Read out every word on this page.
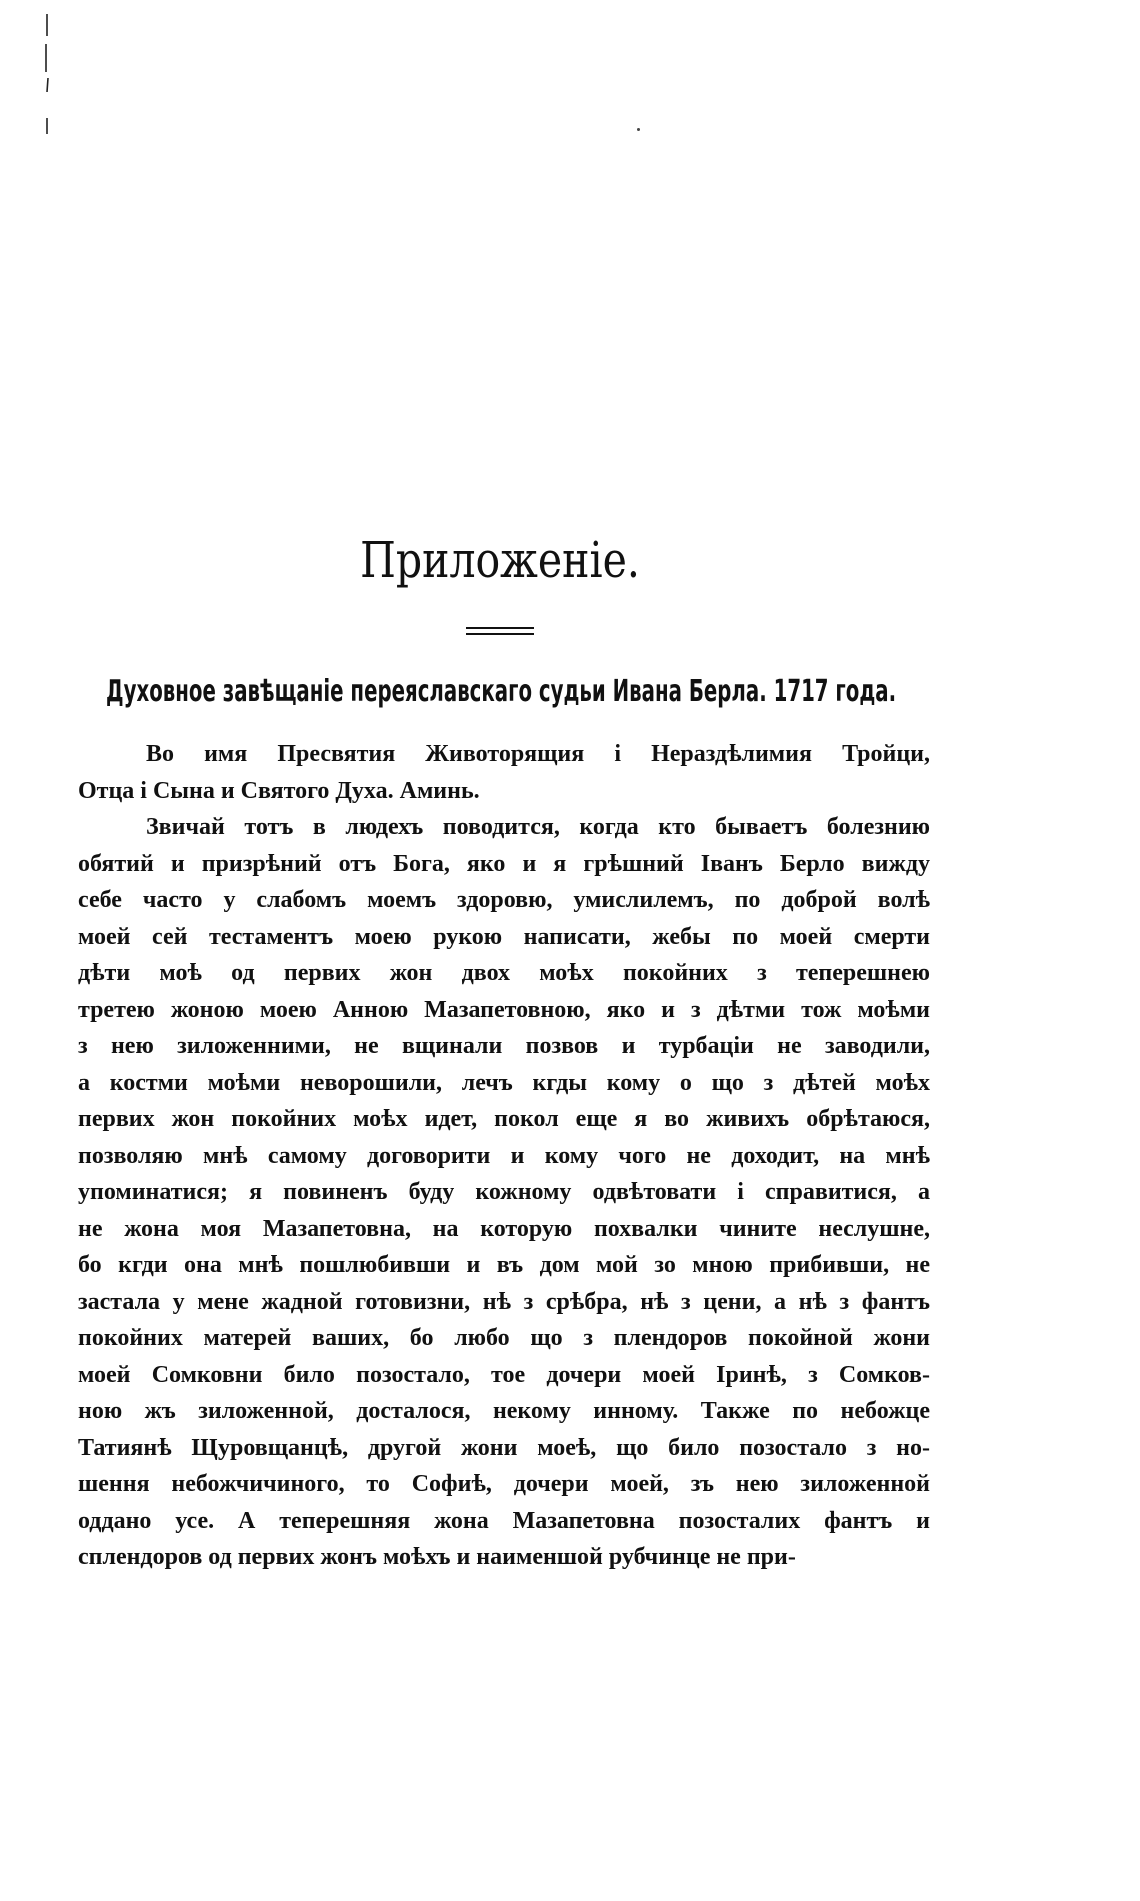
Приложеніе.
Духовное завѣщаніе переяславскаго судьи Ивана Берла. 1717 года.
Во имя Пресвятия Животорящия і Нераздѣлимия Тройци,
Отца і Сына и Святого Духа. Аминь.
Звичай тотъ в людехъ поводится, когда кто бываетъ болезнию
обятий и призрѣний отъ Бога, яко и я грѣшний Іванъ Берло вижду
себе часто у слабомъ моемъ здоровю, умислилемъ, по доброй волѣ
моей сей тестаментъ моею рукою написати, жебы по моей смерти
дѣти моѣ од первих жон двох моѣх покойних з теперешнею
третею жоною моею Анною Мазапетовною, яко и з дѣтми тож моѣми
з нею зиложенними, не вщинали позвов и турбаціи не заводили,
а костми моѣми неворошили, лечъ кгды кому о що з дѣтей моѣх
первих жон покойних моѣх идет, покол еще я во живихъ обрѣтаюся,
позволяю мнѣ самому договорити и кому чого не доходит, на мнѣ
упоминатися; я повиненъ буду кожному одвѣтовати і справитися, а
не жона моя Мазапетовна, на которую похвалки чините неслушне,
бо кгди она мнѣ пошлюбивши и въ дом мой зо мною прибивши, не
застала у мене жадной готовизни, нѣ з срѣбра, нѣ з цени, а нѣ з фантъ
покойних матерей ваших, бо любо що з плендоров покойной жони
моей Сомковни било позостало, тое дочери моей Іринѣ, з Сомков-
ною жъ зиложенной, досталося, некому инному. Также по небожце
Татиянѣ Щуровщанцѣ, другой жони моеѣ, що било позостало з но-
шення небожчичиного, то Софиѣ, дочери моей, зъ нею зиложенной
оддано усе. А теперешняя жона Мазапетовна позосталих фантъ и
сплендоров од первих жонъ моѣхъ и наименшой рубчинце не при-
